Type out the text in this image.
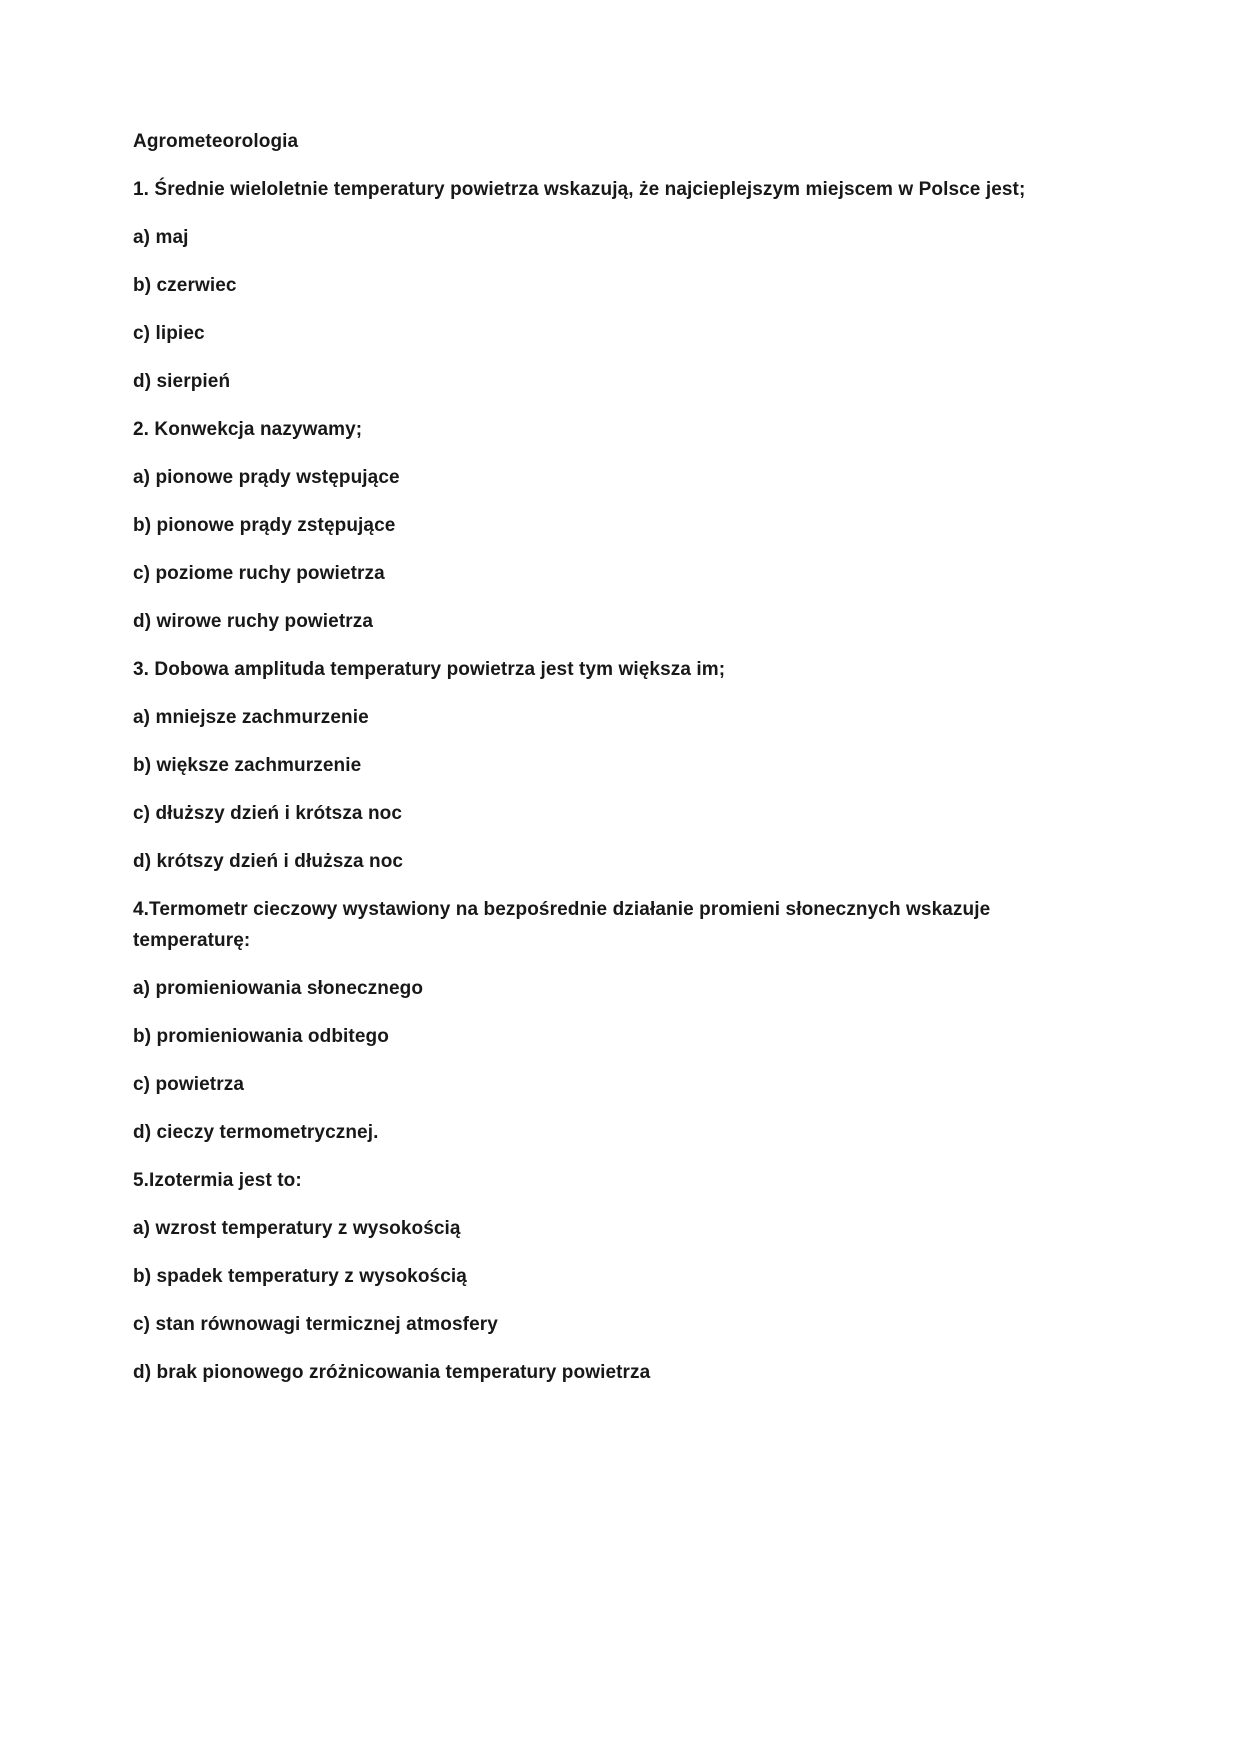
Agrometeorologia

1. Średnie wieloletnie temperatury powietrza wskazują, że najcieplejszym miejscem w Polsce jest;

a) maj

b) czerwiec

c) lipiec

d) sierpień

2. Konwekcja nazywamy;

a) pionowe prądy wstępujące

b) pionowe prądy zstępujące

c) poziome ruchy powietrza

d) wirowe ruchy powietrza

3. Dobowa amplituda temperatury powietrza jest tym większa im;

a) mniejsze zachmurzenie

b) większe zachmurzenie

c) dłuższy dzień i krótsza noc

d) krótszy dzień i dłuższa noc

4.Termometr cieczowy wystawiony na bezpośrednie działanie promieni słonecznych wskazuje
temperaturę:

a) promieniowania słonecznego

b) promieniowania odbitego

c) powietrza

d) cieczy termometrycznej.

5.Izotermia jest to:

a) wzrost temperatury z wysokością

b) spadek temperatury z wysokością

c) stan równowagi termicznej atmosfery

d) brak pionowego zróżnicowania temperatury powietrza
